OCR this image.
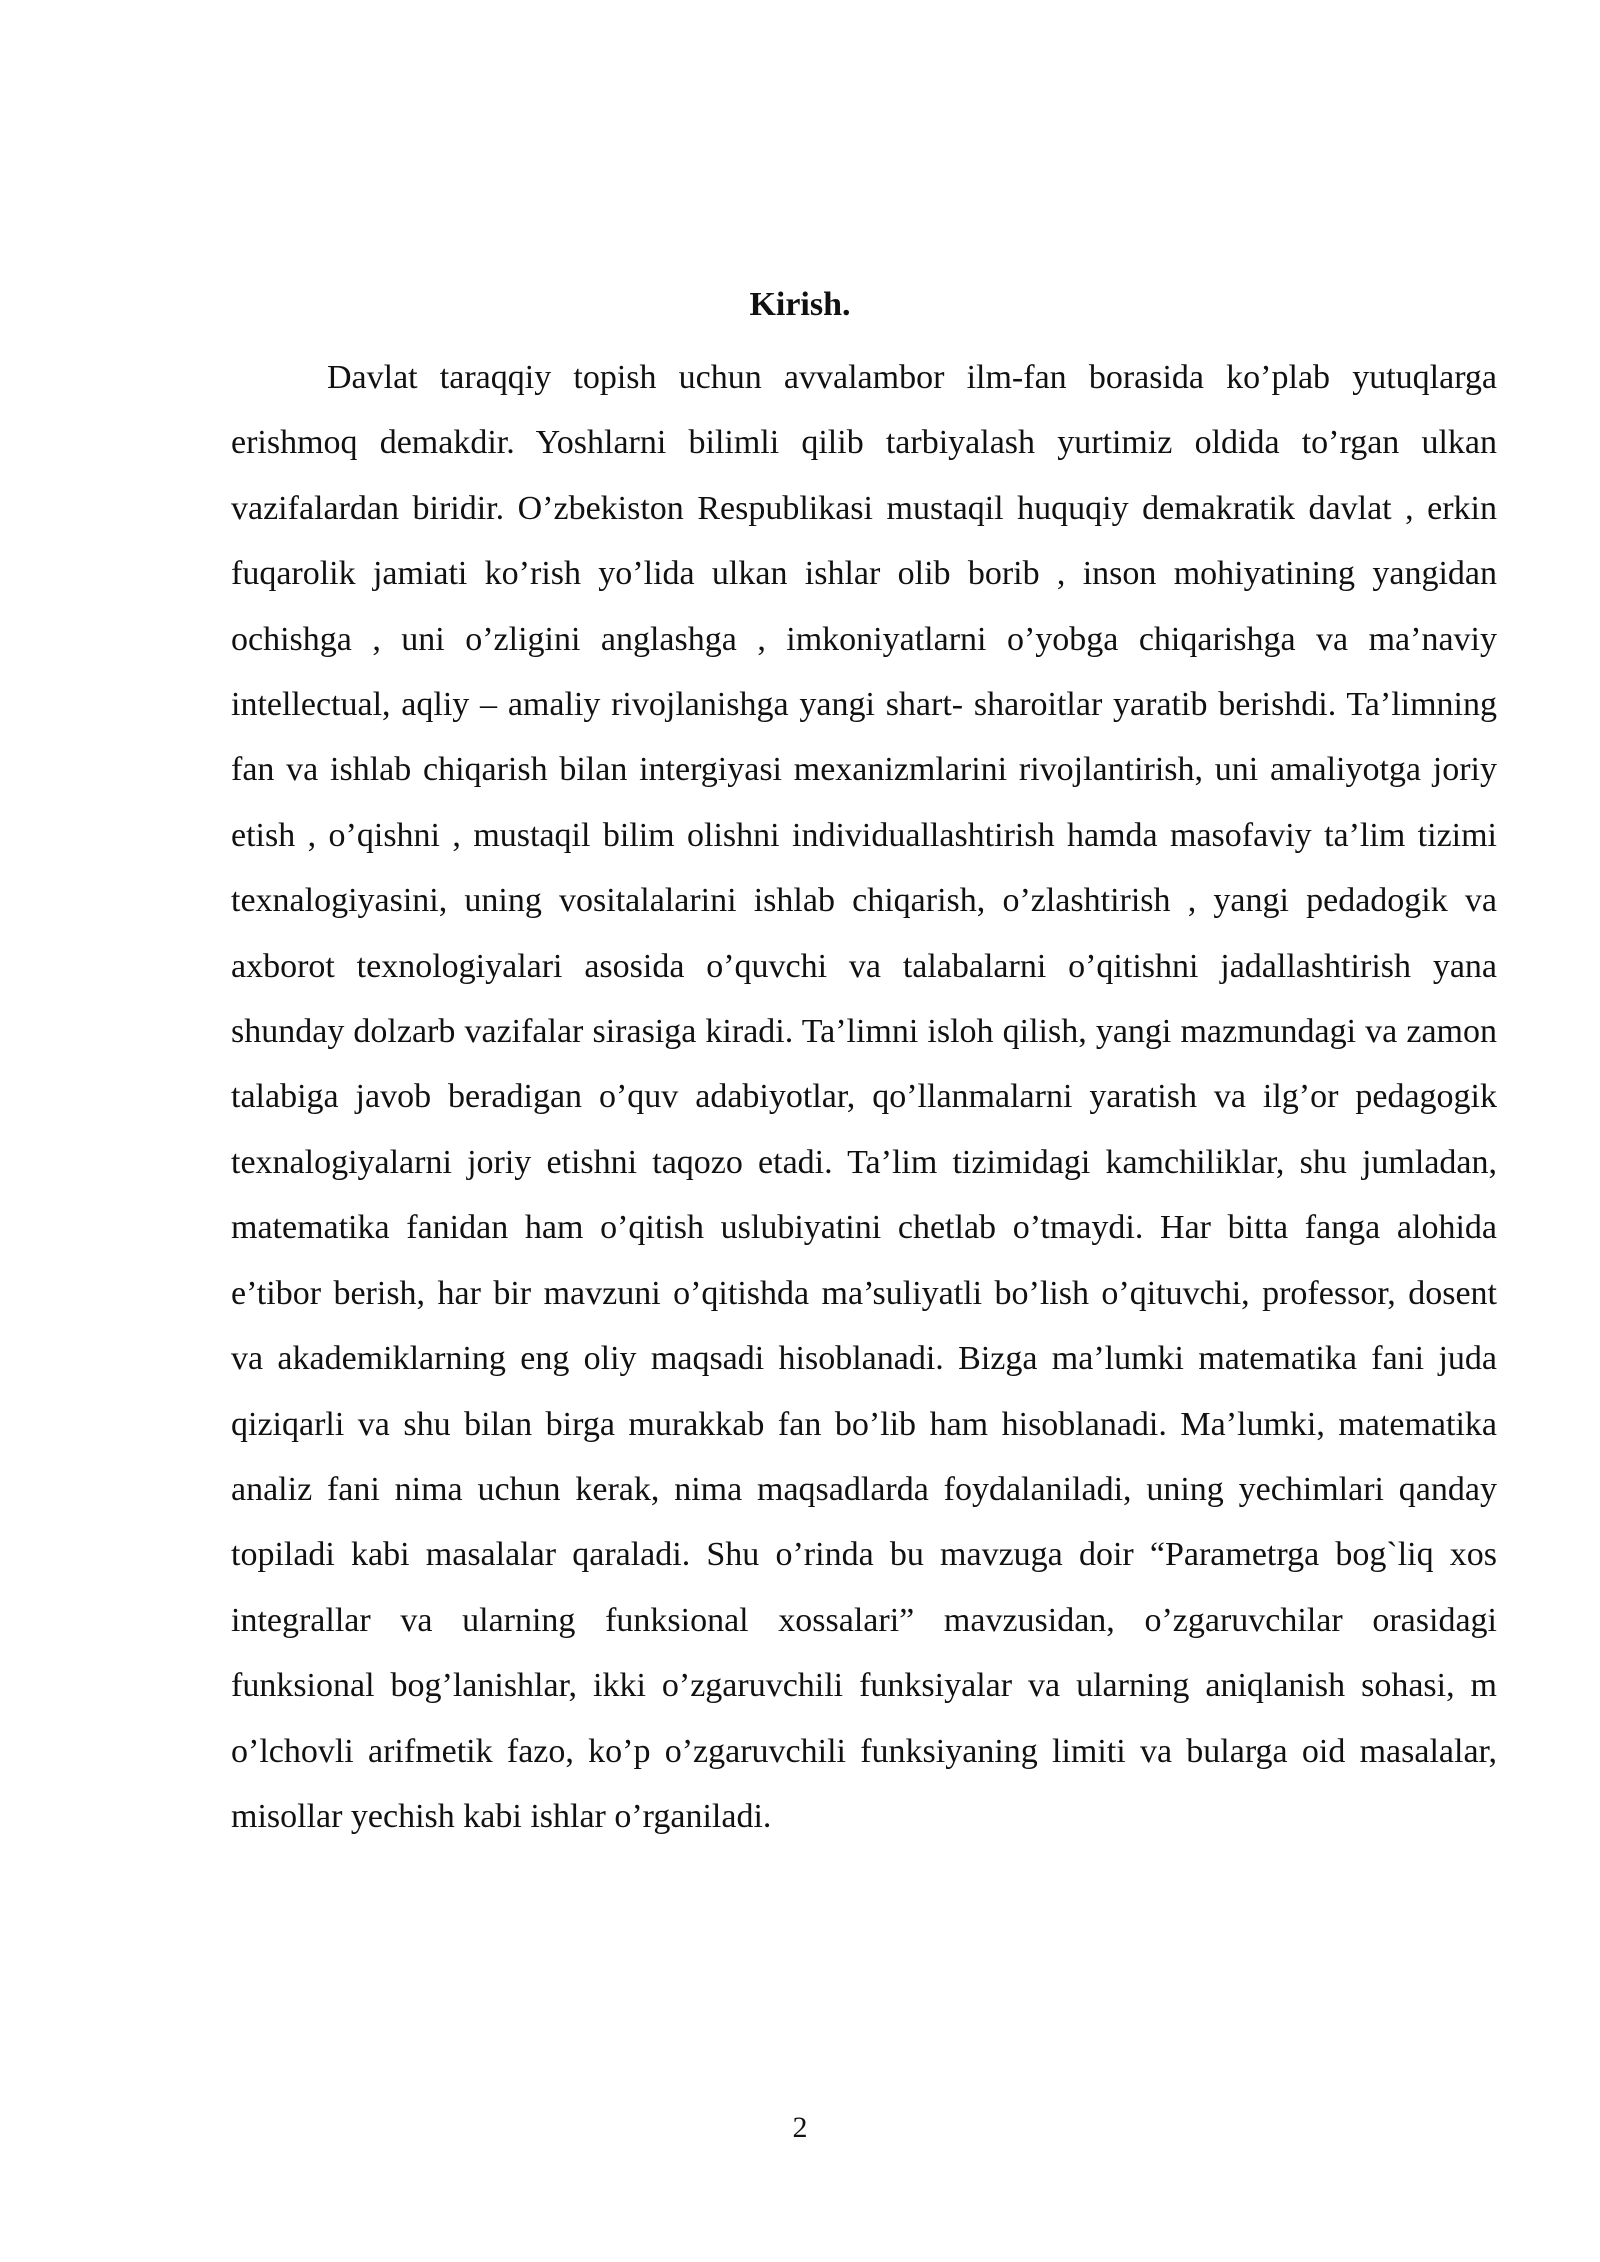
Kirish.

Davlat taraqqiy topish uchun avvalambor ilm-fan borasida ko’plab yutuqlarga erishmoq demakdir. Yoshlarni bilimli qilib tarbiyalash yurtimiz oldida to’rgan ulkan vazifalardan biridir. O’zbekiston Respublikasi mustaqil huquqiy demakratik davlat , erkin fuqarolik jamiati ko’rish yo’lida ulkan ishlar olib borib , inson mohiyatining yangidan ochishga , uni o’zligini anglashga , imkoniyatlarni o’yobga chiqarishga va ma’naviy intellectual, aqliy – amaliy rivojlanishga yangi shart- sharoitlar yaratib berishdi. Ta’limning fan va ishlab chiqarish bilan intergiyasi mexanizmlarini rivojlantirish, uni amaliyotga joriy etish , o’qishni , mustaqil bilim olishni individuallashtirish hamda masofaviy ta’lim tizimi texnalogiyasini, uning vositalalarini ishlab chiqarish, o’zlashtirish , yangi pedadogik va axborot texnologiyalari asosida o’quvchi va talabalarni o’qitishni jadallashtirish yana shunday dolzarb vazifalar sirasiga kiradi. Ta’limni isloh qilish, yangi mazmundagi va zamon talabiga javob beradigan o’quv adabiyotlar, qo’llanmalarni yaratish va ilg’or pedagogik texnalogiyalarni joriy etishni taqozo etadi. Ta’lim tizimidagi kamchiliklar, shu jumladan, matematika fanidan ham o’qitish uslubiyatini chetlab o’tmaydi. Har bitta fanga alohida e’tibor berish, har bir mavzuni o’qitishda ma’suliyatli bo’lish o’qituvchi, professor, dosent va akademiklarning eng oliy maqsadi hisoblanadi. Bizga ma’lumki matematika fani juda qiziqarli va shu bilan birga murakkab fan bo’lib ham hisoblanadi. Ma’lumki, matematika analiz fani nima uchun kerak, nima maqsadlarda foydalaniladi, uning yechimlari qanday topiladi kabi masalalar qaraladi. Shu o’rinda bu mavzuga doir “Parametrga bog`liq xos integrallar va ularning funksional xossalari” mavzusidan, o’zgaruvchilar orasidagi funksional bog’lanishlar, ikki o’zgaruvchili funksiyalar va ularning aniqlanish sohasi, m o’lchovli arifmetik fazo, ko’p o’zgaruvchili funksiyaning limiti va bularga oid masalalar, misollar yechish kabi ishlar o’rganiladi.

2
